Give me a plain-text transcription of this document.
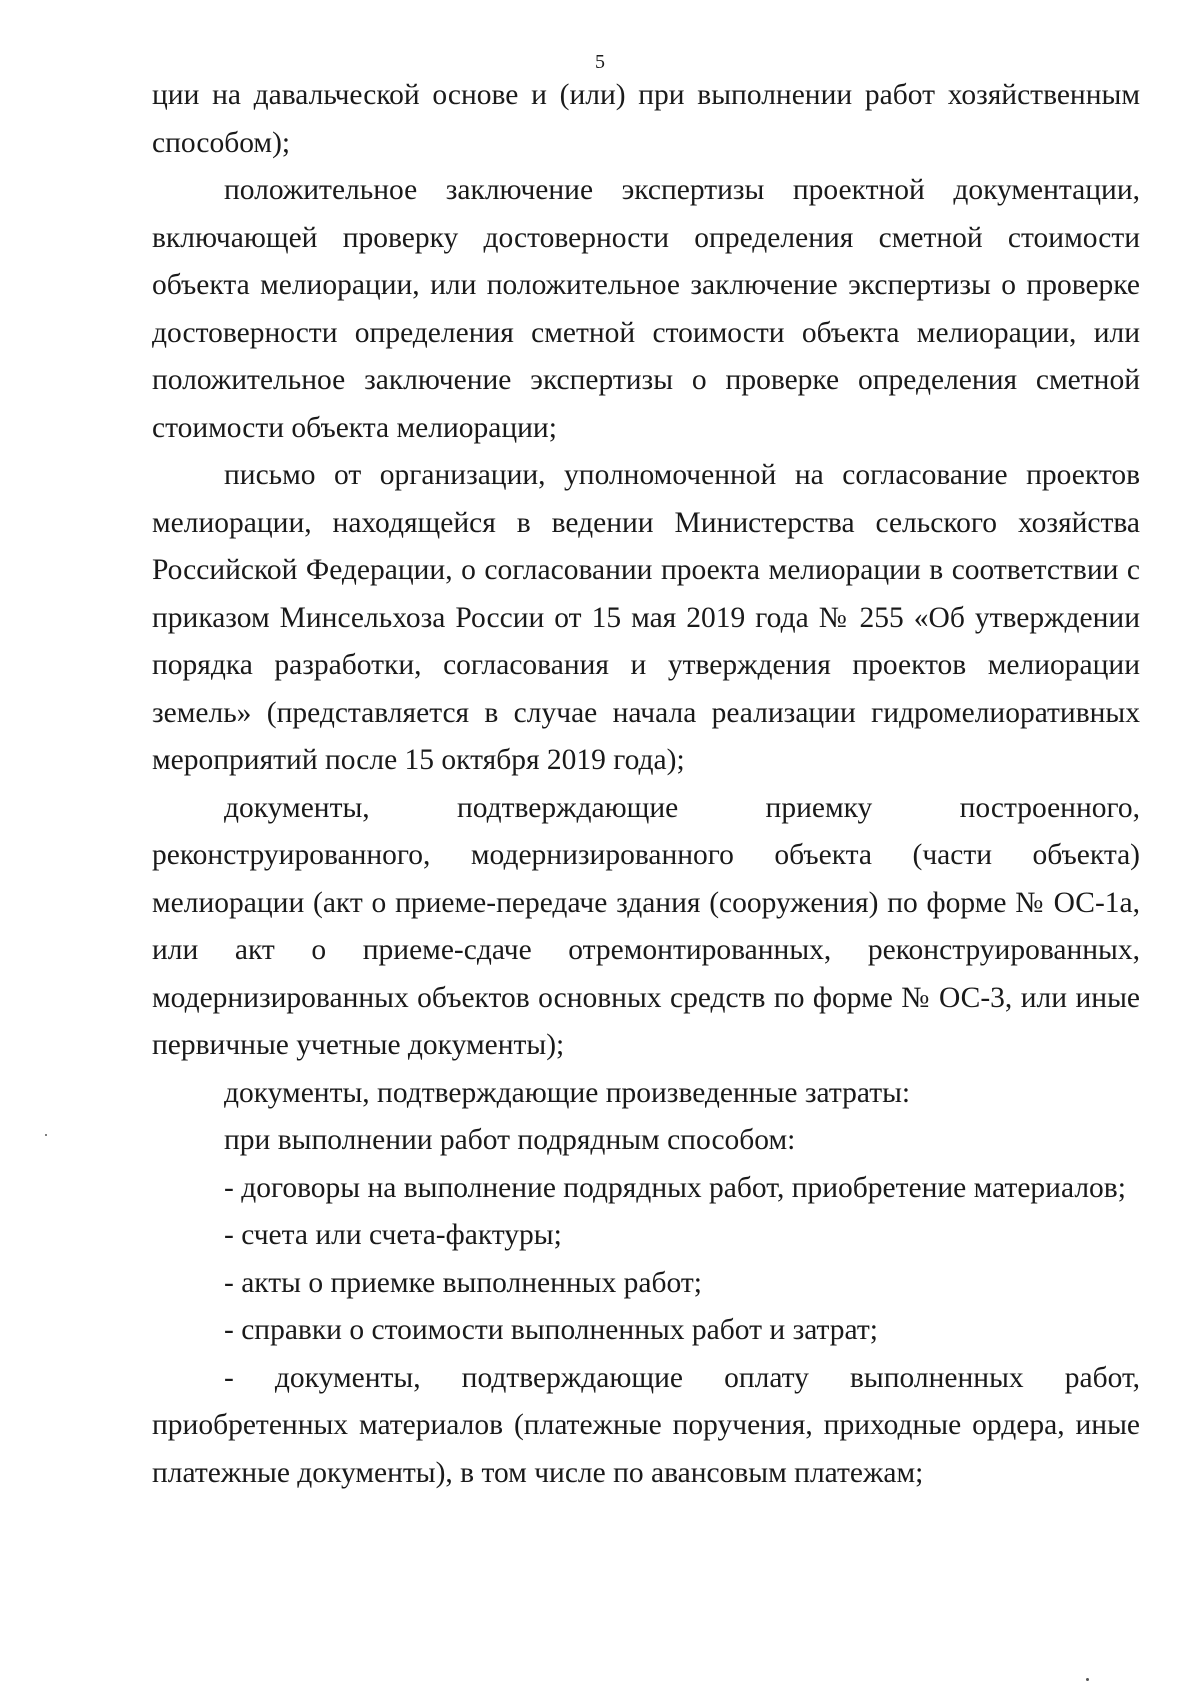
5

ции на давальческой основе и (или) при выполнении работ хозяйственным способом);

положительное заключение экспертизы проектной документации, включающей проверку достоверности определения сметной стоимости объекта мелиорации, или положительное заключение экспертизы о проверке достоверности определения сметной стоимости объекта мелиорации, или положительное заключение экспертизы о проверке определения сметной стоимости объекта мелиорации;

письмо от организации, уполномоченной на согласование проектов мелиорации, находящейся в ведении Министерства сельского хозяйства Российской Федерации, о согласовании проекта мелиорации в соответствии с приказом Минсельхоза России от 15 мая 2019 года № 255 «Об утверждении порядка разработки, согласования и утверждения проектов мелиорации земель» (представляется в случае начала реализации гидромелиоративных мероприятий после 15 октября 2019 года);

документы, подтверждающие приемку построенного, реконструированного, модернизированного объекта (части объекта) мелиорации (акт о приеме-передаче здания (сооружения) по форме № ОС-1а, или акт о приеме-сдаче отремонтированных, реконструированных, модернизированных объектов основных средств по форме № ОС-3, или иные первичные учетные документы);

документы, подтверждающие произведенные затраты:

при выполнении работ подрядным способом:

- договоры на выполнение подрядных работ, приобретение материалов;

- счета или счета-фактуры;

- акты о приемке выполненных работ;

- справки о стоимости выполненных работ и затрат;

- документы, подтверждающие оплату выполненных работ, приобретенных материалов (платежные поручения, приходные ордера, иные платежные документы), в том числе по авансовым платежам;
